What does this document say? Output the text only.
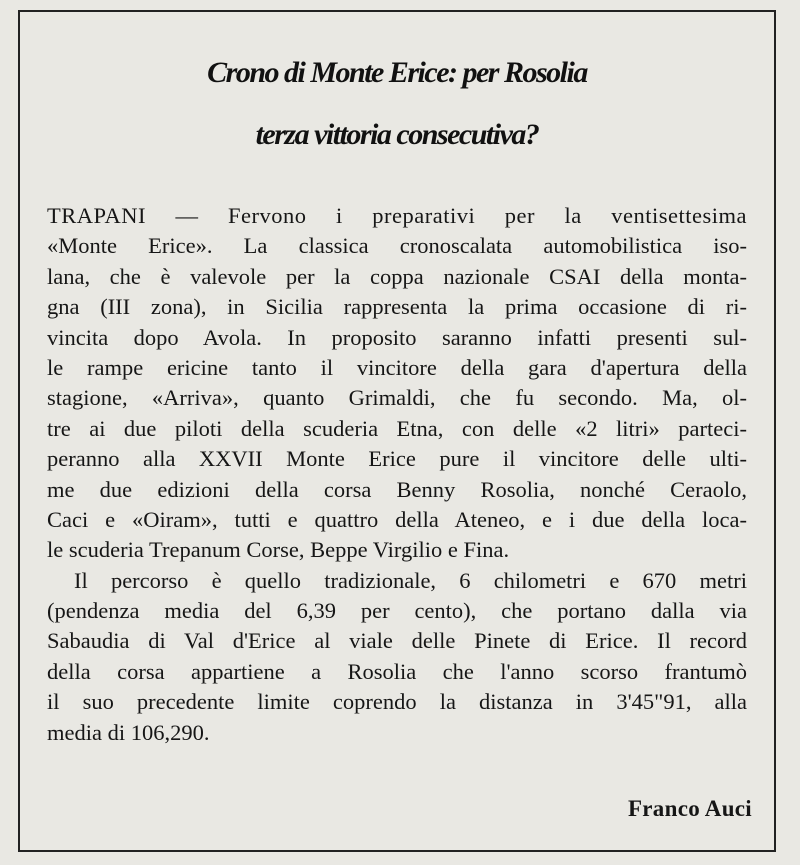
Crono di Monte Erice: per Rosolia
terza vittoria consecutiva?
TRAPANI — Fervono i preparativi per la ventisettesima
«Monte Erice». La classica cronoscalata automobilistica iso-
lana, che è valevole per la coppa nazionale CSAI della monta-
gna (III zona), in Sicilia rappresenta la prima occasione di ri-
vincita dopo Avola. In proposito saranno infatti presenti sul-
le rampe ericine tanto il vincitore della gara d'apertura della
stagione, «Arriva», quanto Grimaldi, che fu secondo. Ma, ol-
tre ai due piloti della scuderia Etna, con delle «2 litri» parteci-
peranno alla XXVII Monte Erice pure il vincitore delle ulti-
me due edizioni della corsa Benny Rosolia, nonché Ceraolo,
Caci e «Oiram», tutti e quattro della Ateneo, e i due della loca-
le scuderia Trepanum Corse, Beppe Virgilio e Fina.
Il percorso è quello tradizionale, 6 chilometri e 670 metri
(pendenza media del 6,39 per cento), che portano dalla via
Sabaudia di Val d'Erice al viale delle Pinete di Erice. Il record
della corsa appartiene a Rosolia che l'anno scorso frantumò
il suo precedente limite coprendo la distanza in 3'45"91, alla
media di 106,290.
Franco Auci
